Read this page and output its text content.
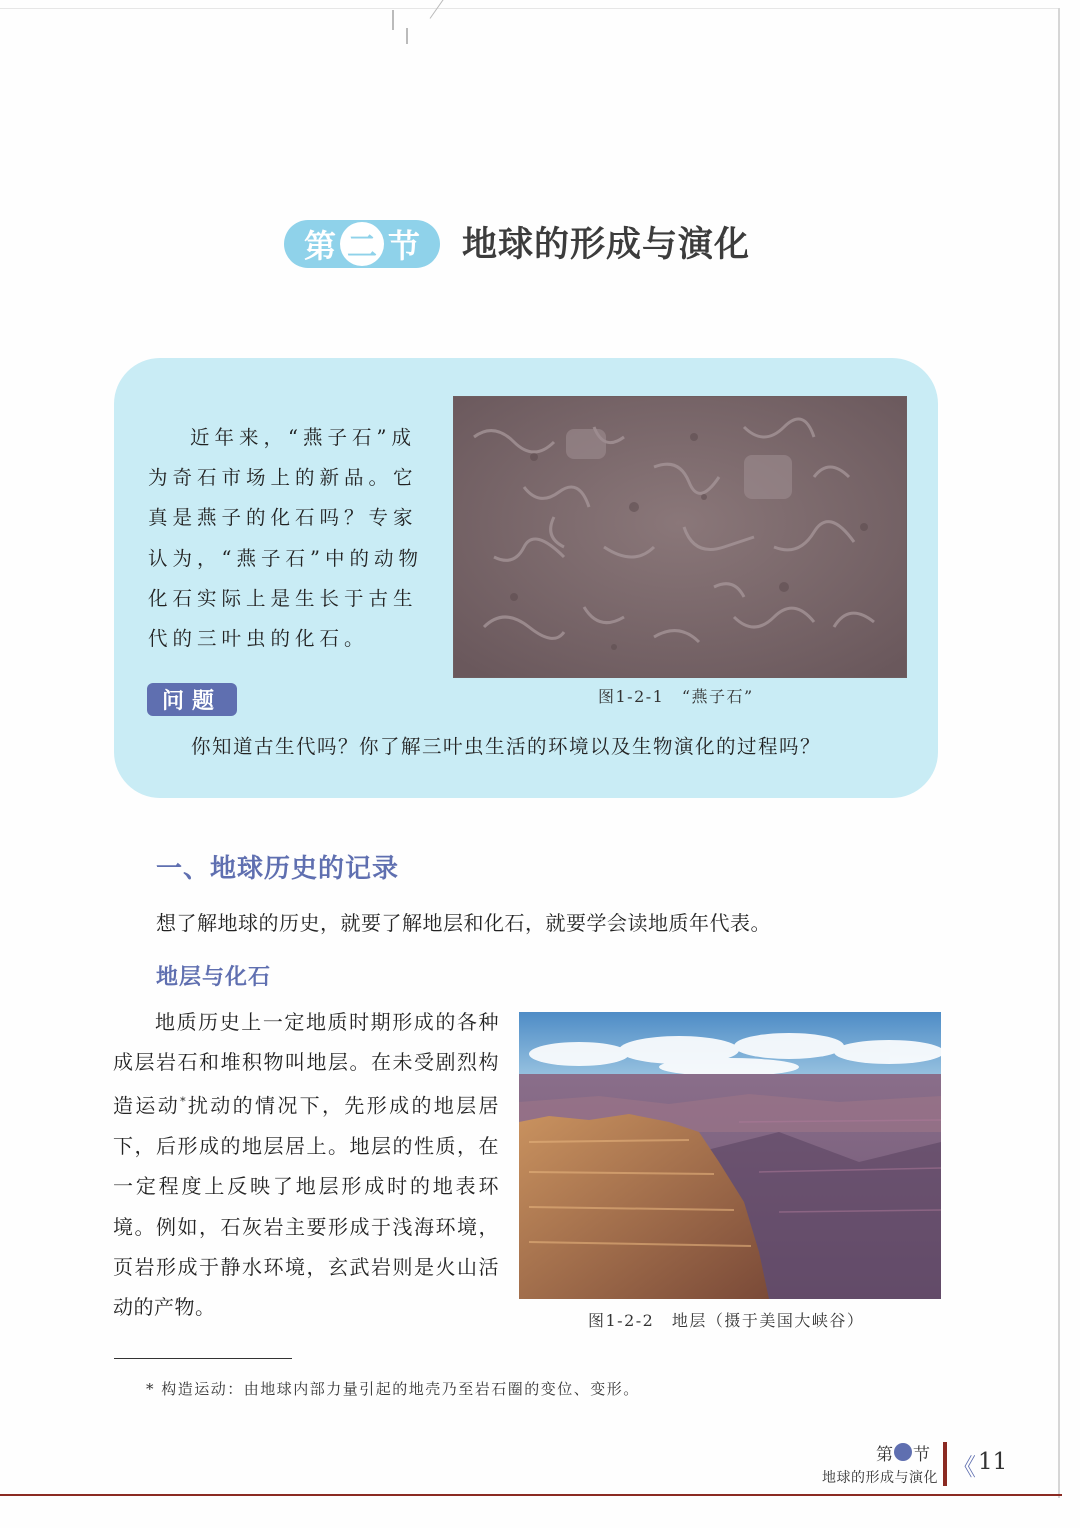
第 二 节 地球的形成与演化

近年来，“燕子石”成为奇石市场上的新品。它真是燕子的化石吗？专家认为，“燕子石”中的动物化石实际上是生长于古生代的三叶虫的化石。

问题	图1-2-1　“燕子石”
你知道古生代吗？你了解三叶虫生活的环境以及生物演化的过程吗？
一、地球历史的记录
想了解地球的历史，就要了解地层和化石，就要学会读地质年代表。
地层与化石

地质历史上一定地质时期形成的各种成层岩石和堆积物叫地层。在未受剧烈构造运动*扰动的情况下，先形成的地层居下，后形成的地层居上。地层的性质，在一定程度上反映了地层形成时的地表环境。例如，石灰岩主要形成于浅海环境，页岩形成于静水环境，玄武岩则是火山活动的产物。

图1-2-2　地层（摄于美国大峡谷）
* 构造运动：由地球内部力量引起的地壳乃至岩石圈的变位、变形。
第 节
地球的形成与演化 《 11
